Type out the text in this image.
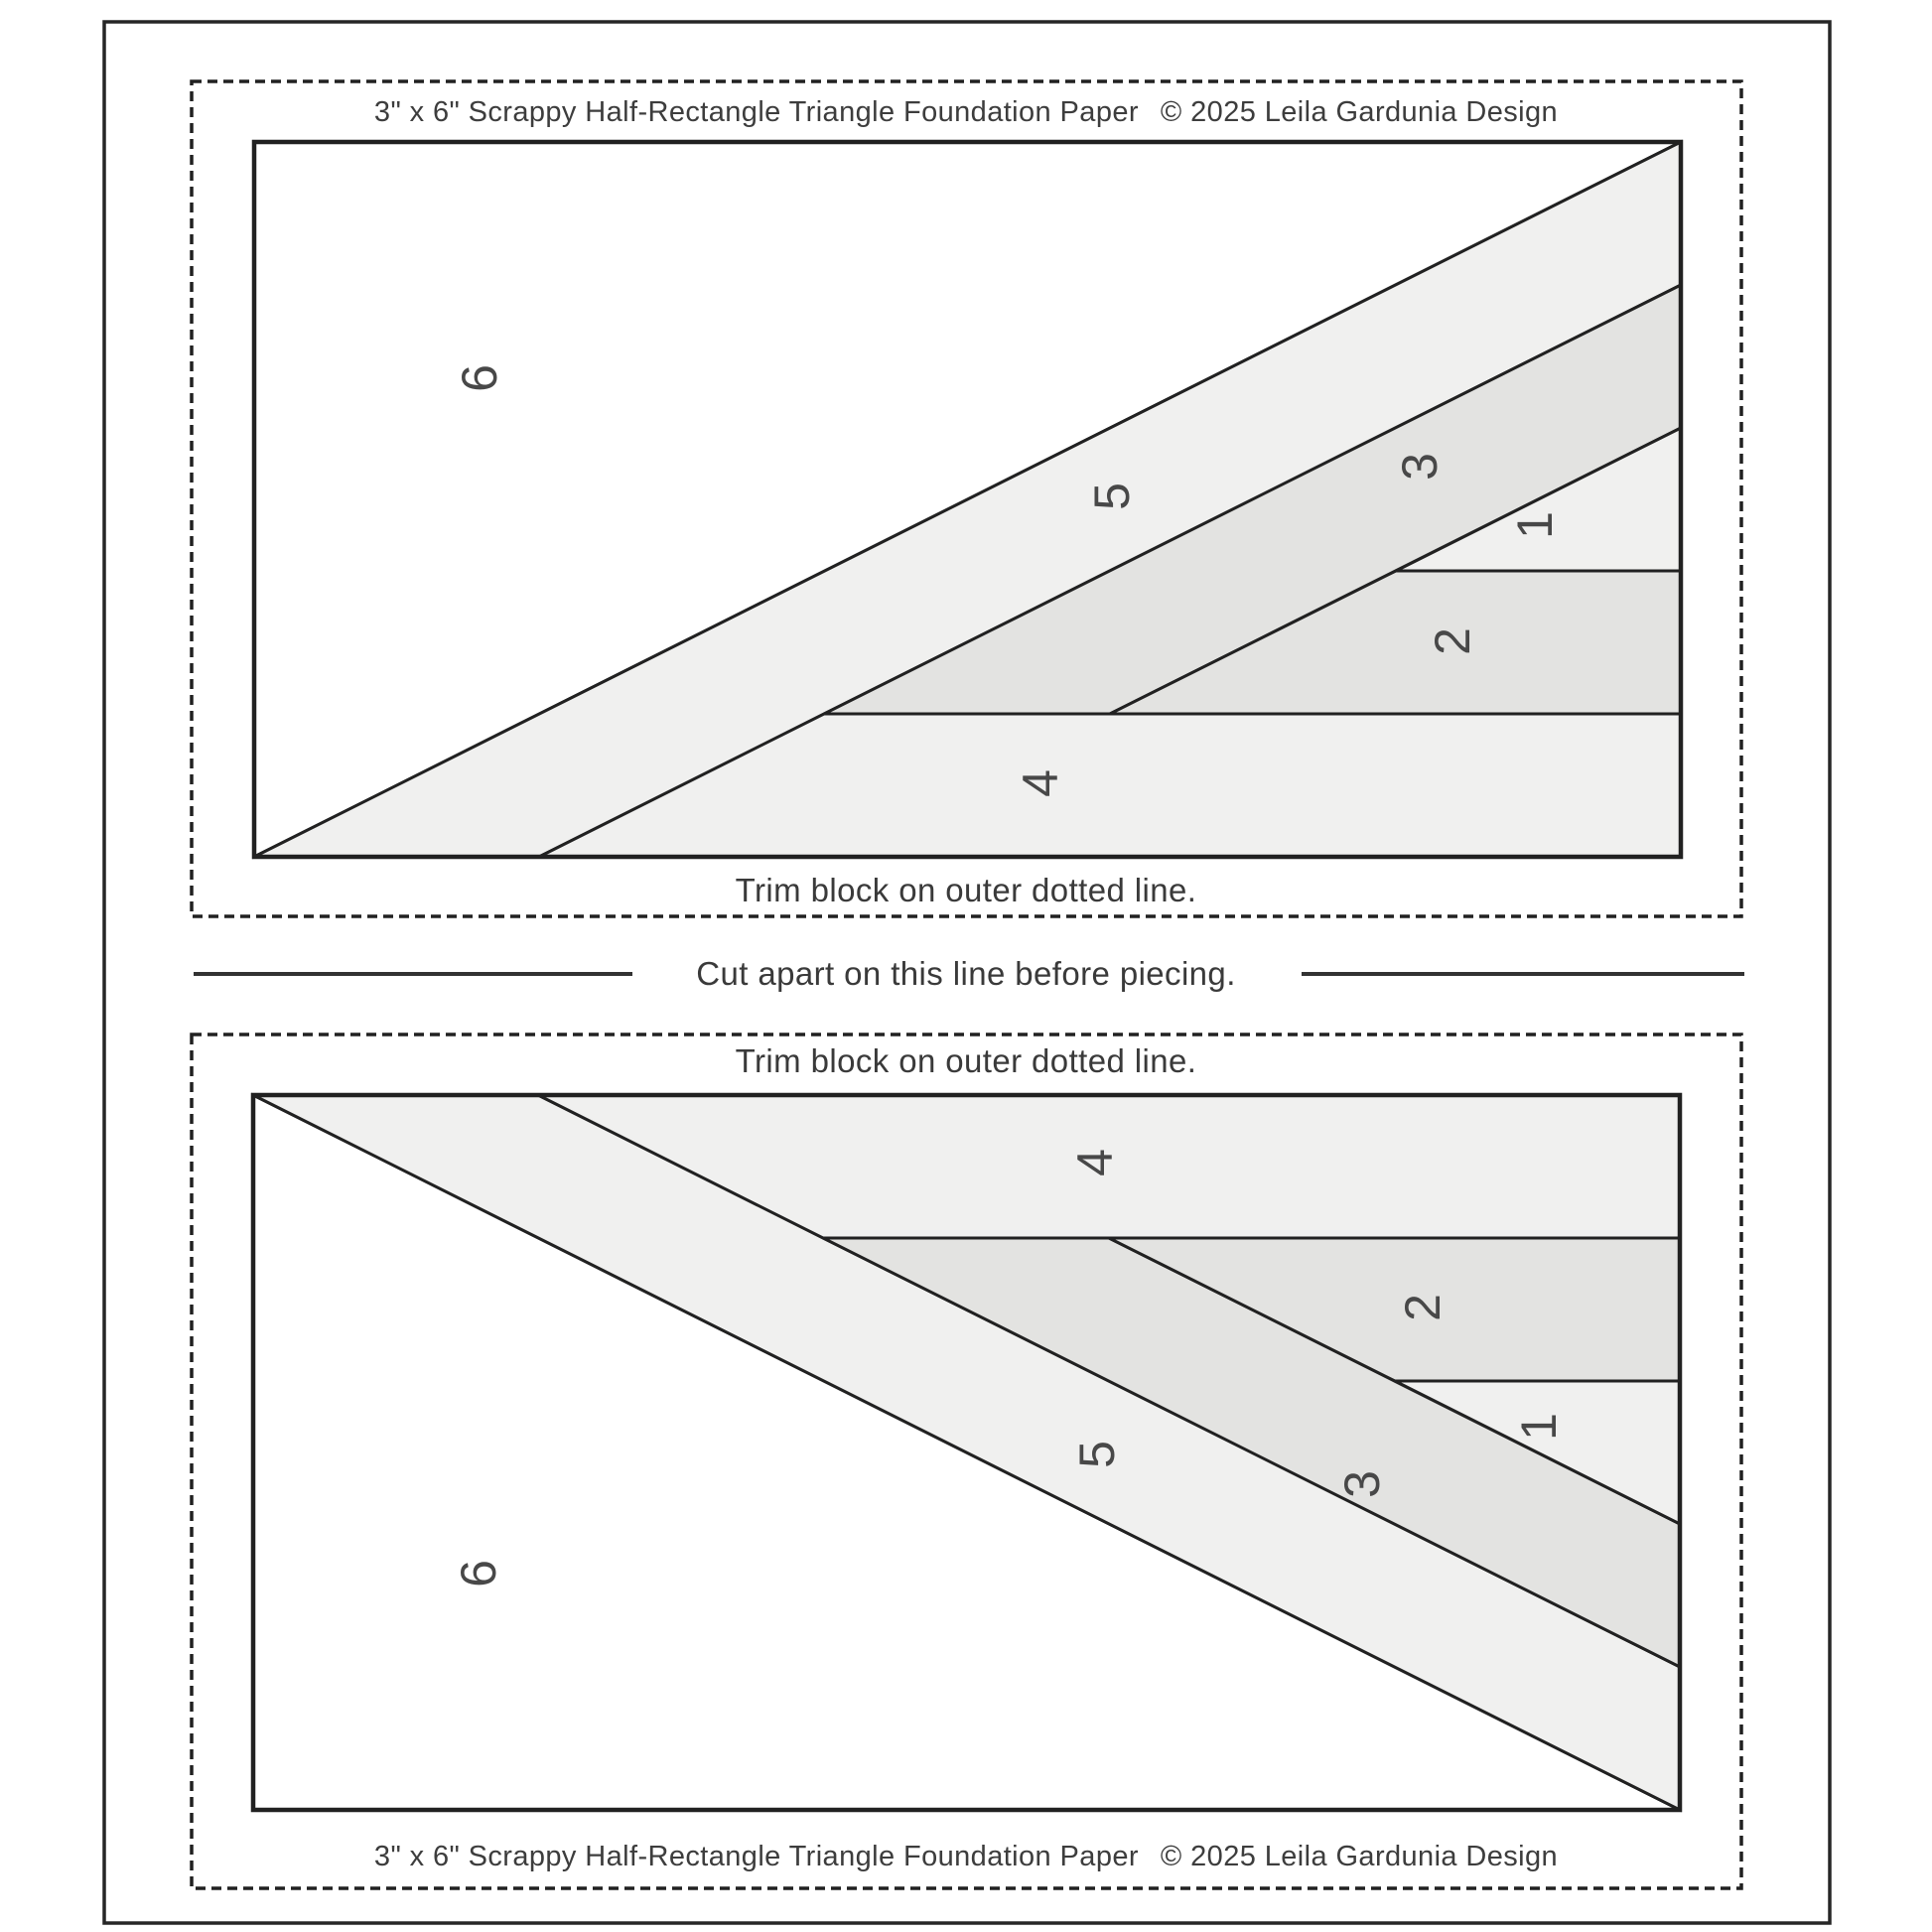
6
5
3
1
2
4
4
2
1
3
5
6
3" x 6" Scrappy Half-Rectangle Triangle Foundation Paper © 2025 Leila Gardunia Design
Trim block on outer dotted line.
Cut apart on this line before piecing.
Trim block on outer dotted line.
3" x 6" Scrappy Half-Rectangle Triangle Foundation Paper © 2025 Leila Gardunia Design
